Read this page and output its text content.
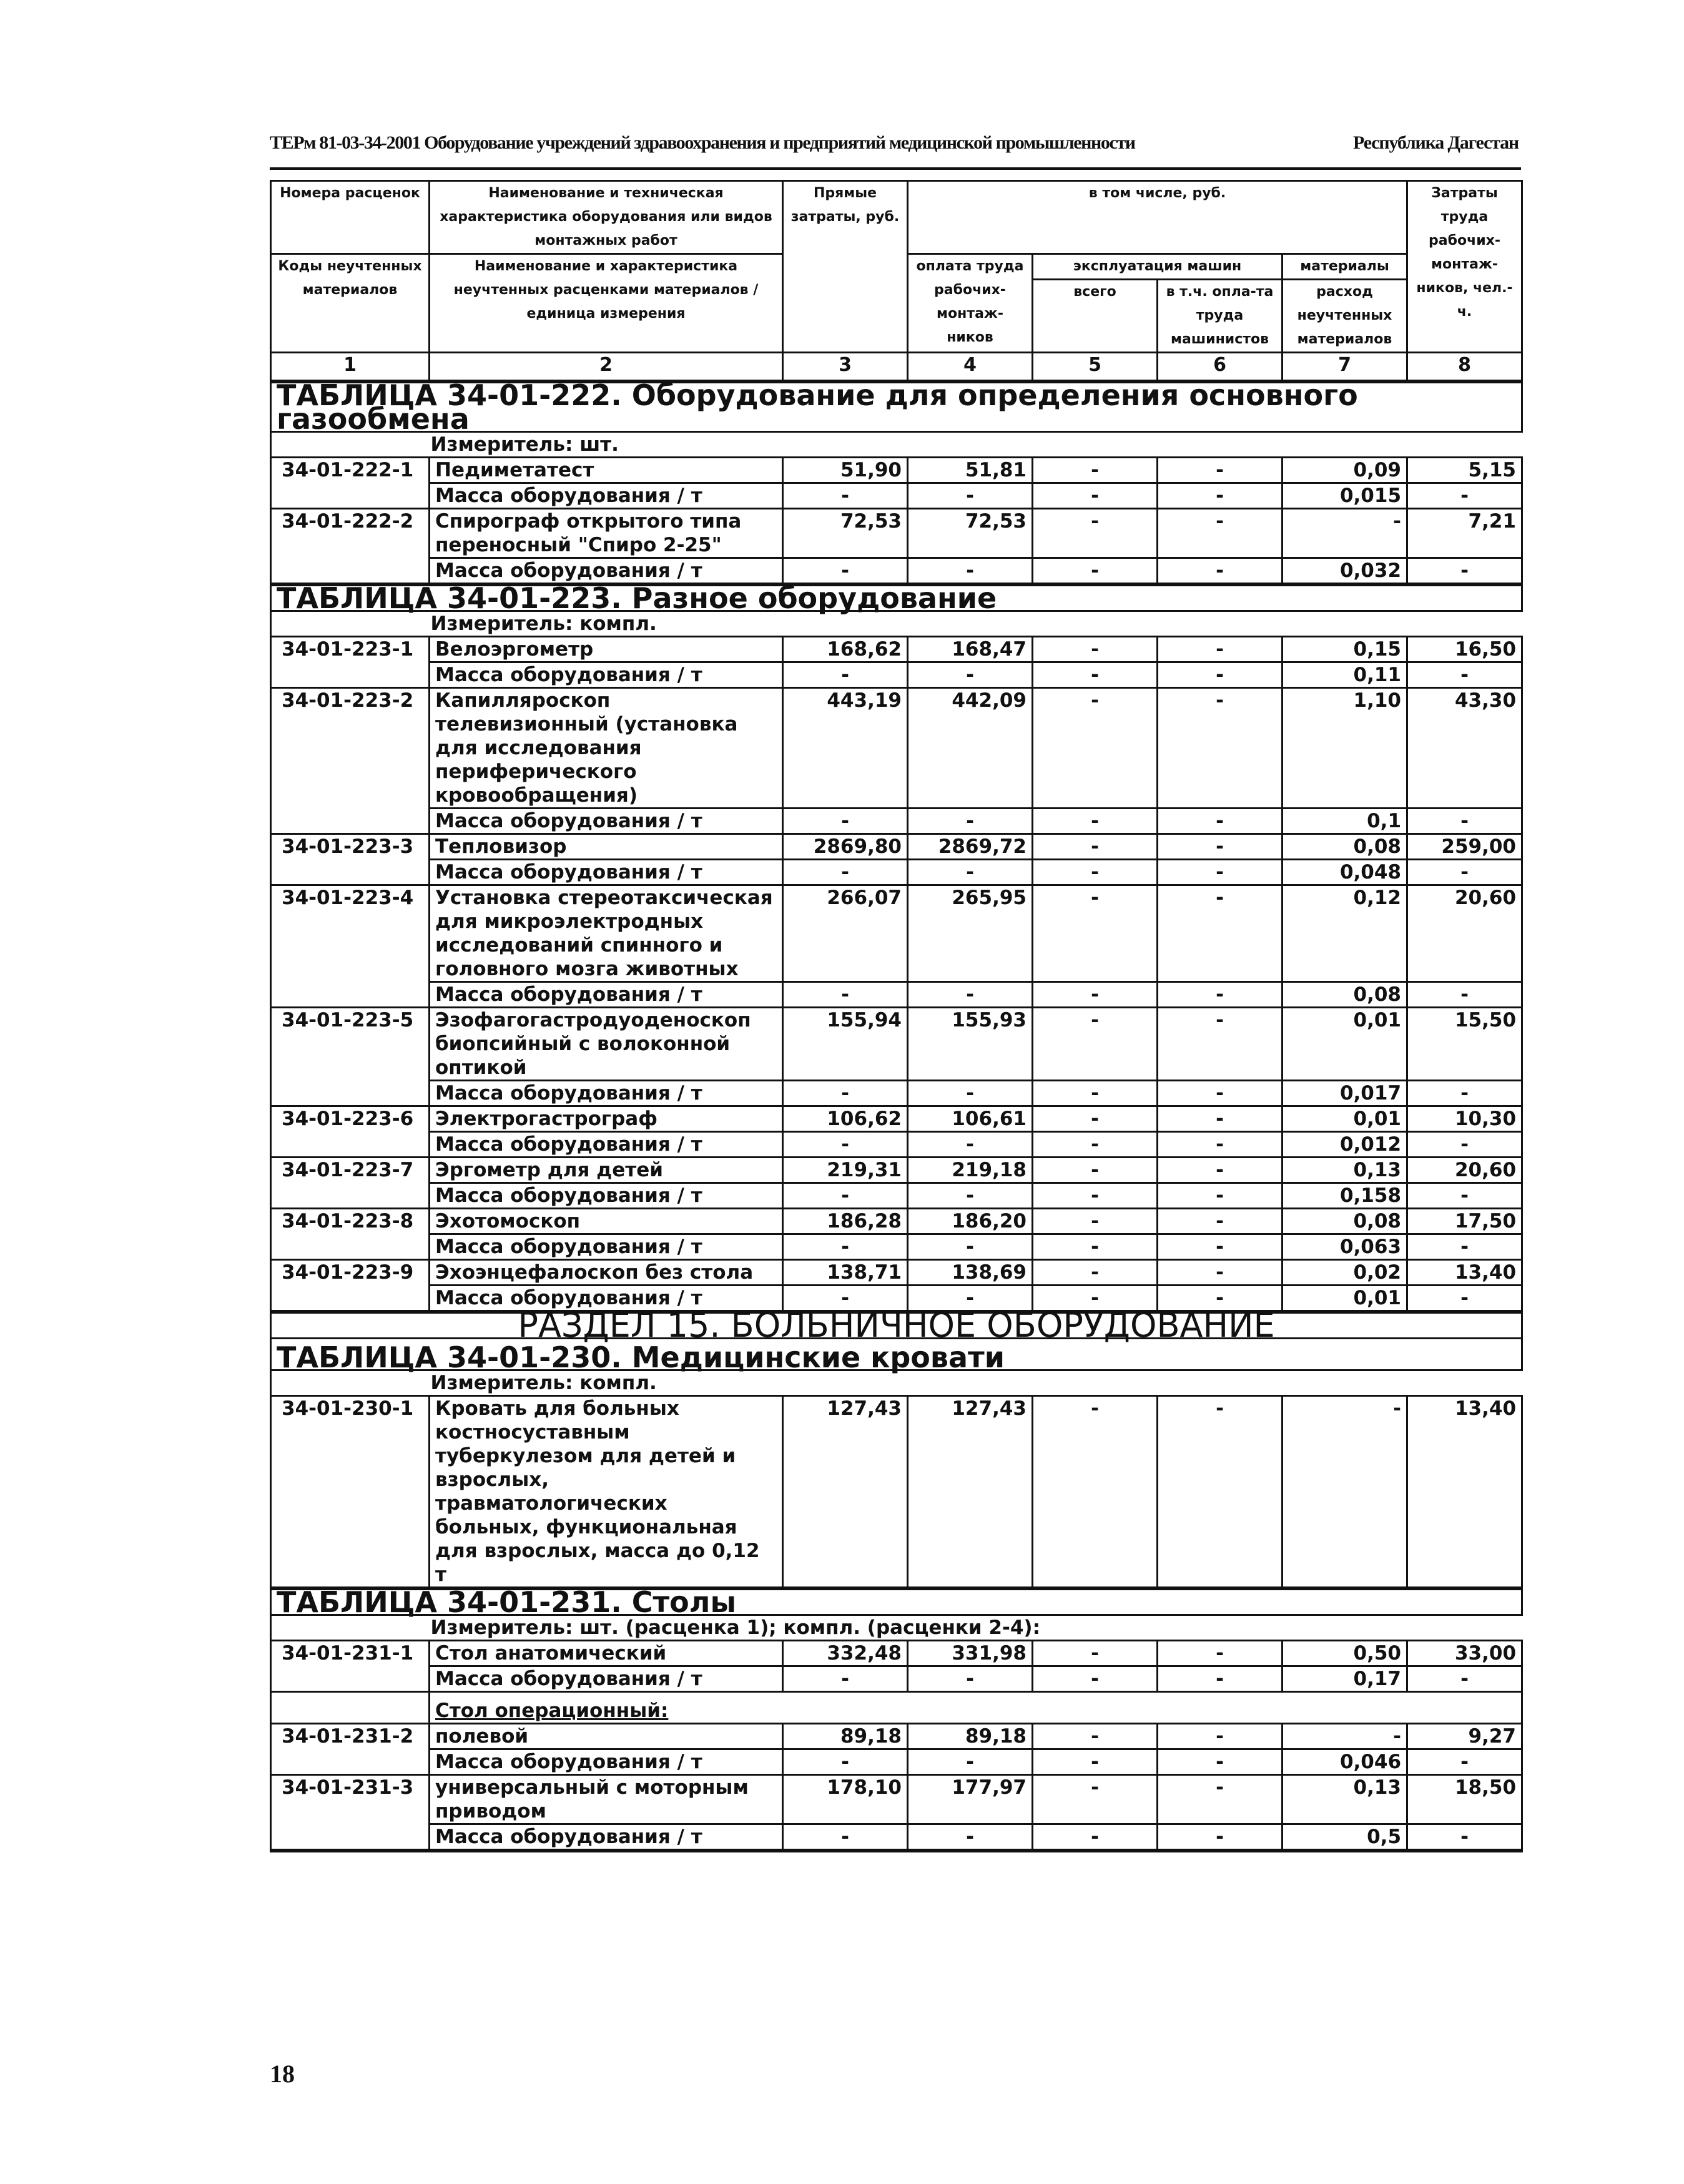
ТЕРм 81-03-34-2001 Оборудование учреждений здравоохранения и предприятий медицинской промышленности	Республика Дагестан
Номера расценок	Наименование и техническая характеристика оборудования или видов монтажных работ	Прямые затраты, руб.	в том числе, руб.				Затраты труда рабочих-монтаж-ников, чел.-ч.
Коды неучтенных материалов	Наименование и характеристика неучтенных расценками материалов / единица измерения		оплата труда рабочих-монтаж-ников	эксплуатация машин		материалы	
				всего	в т.ч. опла-та труда машинистов	расход неучтенных материалов	
1	2	3	4	5	6	7	8

ТАБЛИЦА 34-01-222. Оборудование для определения основного газообмена							
	Измеритель: шт.						
34-01-222-1	Педиметатест	51,90	51,81	-	-	0,09	5,15
	Масса оборудования / т	-	-	-	-	0,015	-
34-01-222-2	Спирограф открытого типа переносный "Спиро 2-25"	72,53	72,53	-	-	-	7,21
	Масса оборудования / т	-	-	-	-	0,032	-

ТАБЛИЦА 34-01-223. Разное оборудование							
	Измеритель: компл.						
34-01-223-1	Велоэргометр	168,62	168,47	-	-	0,15	16,50
	Масса оборудования / т	-	-	-	-	0,11	-
34-01-223-2	Капилляроскоп телевизионный (установка для исследования периферического кровообращения)	443,19	442,09	-	-	1,10	43,30
	Масса оборудования / т	-	-	-	-	0,1	-
34-01-223-3	Тепловизор	2869,80	2869,72	-	-	0,08	259,00
	Масса оборудования / т	-	-	-	-	0,048	-
34-01-223-4	Установка стереотаксическая для микроэлектродных исследований спинного и головного мозга животных	266,07	265,95	-	-	0,12	20,60
	Масса оборудования / т	-	-	-	-	0,08	-
34-01-223-5	Эзофагогастродуоденоскоп биопсийный с волоконной оптикой	155,94	155,93	-	-	0,01	15,50
	Масса оборудования / т	-	-	-	-	0,017	-
34-01-223-6	Электрогастрограф	106,62	106,61	-	-	0,01	10,30
	Масса оборудования / т	-	-	-	-	0,012	-
34-01-223-7	Эргометр для детей	219,31	219,18	-	-	0,13	20,60
	Масса оборудования / т	-	-	-	-	0,158	-
34-01-223-8	Эхотомоскоп	186,28	186,20	-	-	0,08	17,50
	Масса оборудования / т	-	-	-	-	0,063	-
34-01-223-9	Эхоэнцефалоскоп без стола	138,71	138,69	-	-	0,02	13,40
	Масса оборудования / т	-	-	-	-	0,01	-

РАЗДЕЛ 15. БОЛЬНИЧНОЕ ОБОРУДОВАНИЕ							
ТАБЛИЦА 34-01-230. Медицинские кровати							
	Измеритель: компл.						
34-01-230-1	Кровать для больных костносуставным туберкулезом для детей и взрослых, травматологических больных, функциональная для взрослых, масса до 0,12 т	127,43	127,43	-	-	-	13,40

ТАБЛИЦА 34-01-231. Столы							
	Измеритель: шт. (расценка 1); компл. (расценки 2-4):						
34-01-231-1	Стол анатомический	332,48	331,98	-	-	0,50	33,00
	Масса оборудования / т	-	-	-	-	0,17	-
	Стол операционный:						
34-01-231-2	полевой	89,18	89,18	-	-	-	9,27
	Масса оборудования / т	-	-	-	-	0,046	-
34-01-231-3	универсальный с моторным приводом	178,10	177,97	-	-	0,13	18,50
	Масса оборудования / т	-	-	-	-	0,5	-

18
